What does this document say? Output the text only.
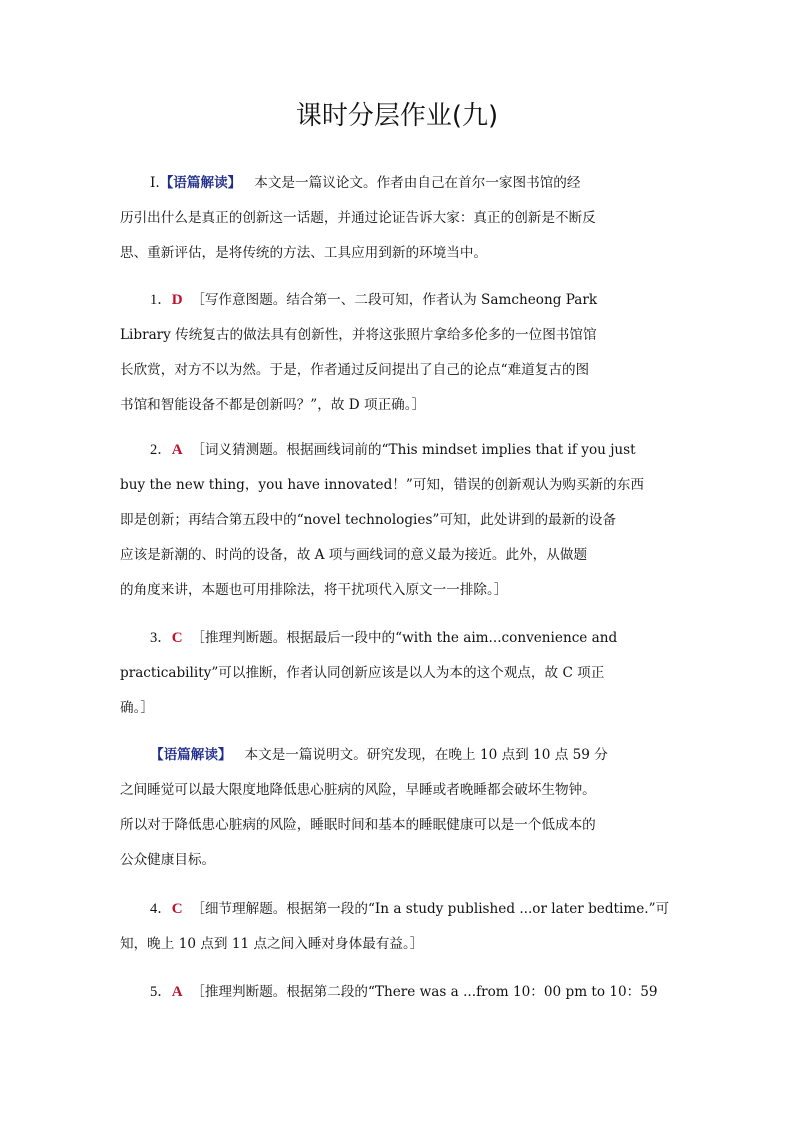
课时分层作业(九)
Ⅰ.【语篇解读】 本文是一篇议论文。作者由自己在首尔一家图书馆的经
历引出什么是真正的创新这一话题，并通过论证告诉大家：真正的创新是不断反
思、重新评估，是将传统的方法、工具应用到新的环境当中。
1．D ［写作意图题。结合第一、二段可知，作者认为 Samcheong Park
Library 传统复古的做法具有创新性，并将这张照片拿给多伦多的一位图书馆馆
长欣赏，对方不以为然。于是，作者通过反问提出了自己的论点“难道复古的图
书馆和智能设备不都是创新吗？”，故 D 项正确。］
2．A ［词义猜测题。根据画线词前的“This mindset implies that if you just
buy the new thing，you have innovated！”可知，错误的创新观认为购买新的东西
即是创新；再结合第五段中的“novel technologies”可知，此处讲到的最新的设备
应该是新潮的、时尚的设备，故 A 项与画线词的意义最为接近。此外，从做题
的角度来讲，本题也可用排除法，将干扰项代入原文一一排除。］
3．C ［推理判断题。根据最后一段中的“with the aim...convenience and
practicability”可以推断，作者认同创新应该是以人为本的这个观点，故 C 项正
确。］
【语篇解读】 本文是一篇说明文。研究发现，在晚上 10 点到 10 点 59 分
之间睡觉可以最大限度地降低患心脏病的风险，早睡或者晚睡都会破坏生物钟。
所以对于降低患心脏病的风险，睡眠时间和基本的睡眠健康可以是一个低成本的
公众健康目标。
4．C ［细节理解题。根据第一段的“In a study published ...or later bedtime.”可
知，晚上 10 点到 11 点之间入睡对身体最有益。］
5．A ［推理判断题。根据第二段的“There was a ...from 10：00 pm to 10：59
